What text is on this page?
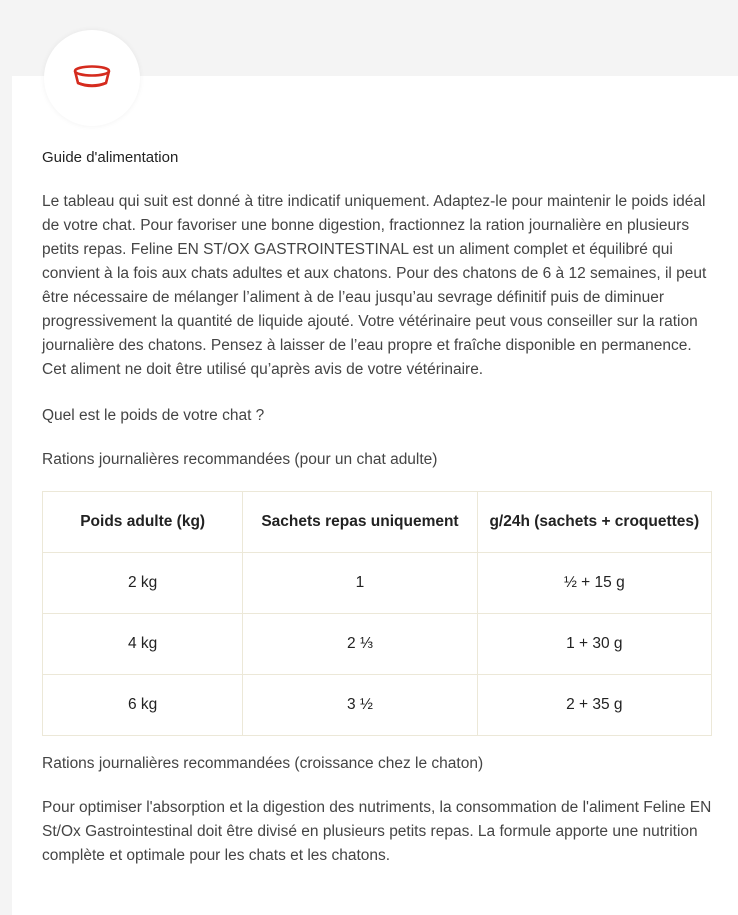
Guide d'alimentation

Le tableau qui suit est donné à titre indicatif uniquement. Adaptez-le pour maintenir le poids idéal de votre chat. Pour favoriser une bonne digestion, fractionnez la ration journalière en plusieurs petits repas. Feline EN ST/OX GASTROINTESTINAL est un aliment complet et équilibré qui convient à la fois aux chats adultes et aux chatons. Pour des chatons de 6 à 12 semaines, il peut être nécessaire de mélanger l’aliment à de l’eau jusqu’au sevrage définitif puis de diminuer progressivement la quantité de liquide ajouté. Votre vétérinaire peut vous conseiller sur la ration journalière des chatons. Pensez à laisser de l’eau propre et fraîche disponible en permanence. Cet aliment ne doit être utilisé qu’après avis de votre vétérinaire.

Quel est le poids de votre chat ?

Rations journalières recommandées (pour un chat adulte)

Poids adulte (kg)	Sachets repas uniquement	g/24h (sachets + croquettes)
2 kg	1	½ + 15 g
4 kg	2 ⅓	1 + 30 g
6 kg	3 ½	2 + 35 g

Rations journalières recommandées (croissance chez le chaton)

Pour optimiser l'absorption et la digestion des nutriments, la consommation de l'aliment Feline EN St/Ox Gastrointestinal doit être divisé en plusieurs petits repas. La formule apporte une nutrition complète et optimale pour les chats et les chatons.
